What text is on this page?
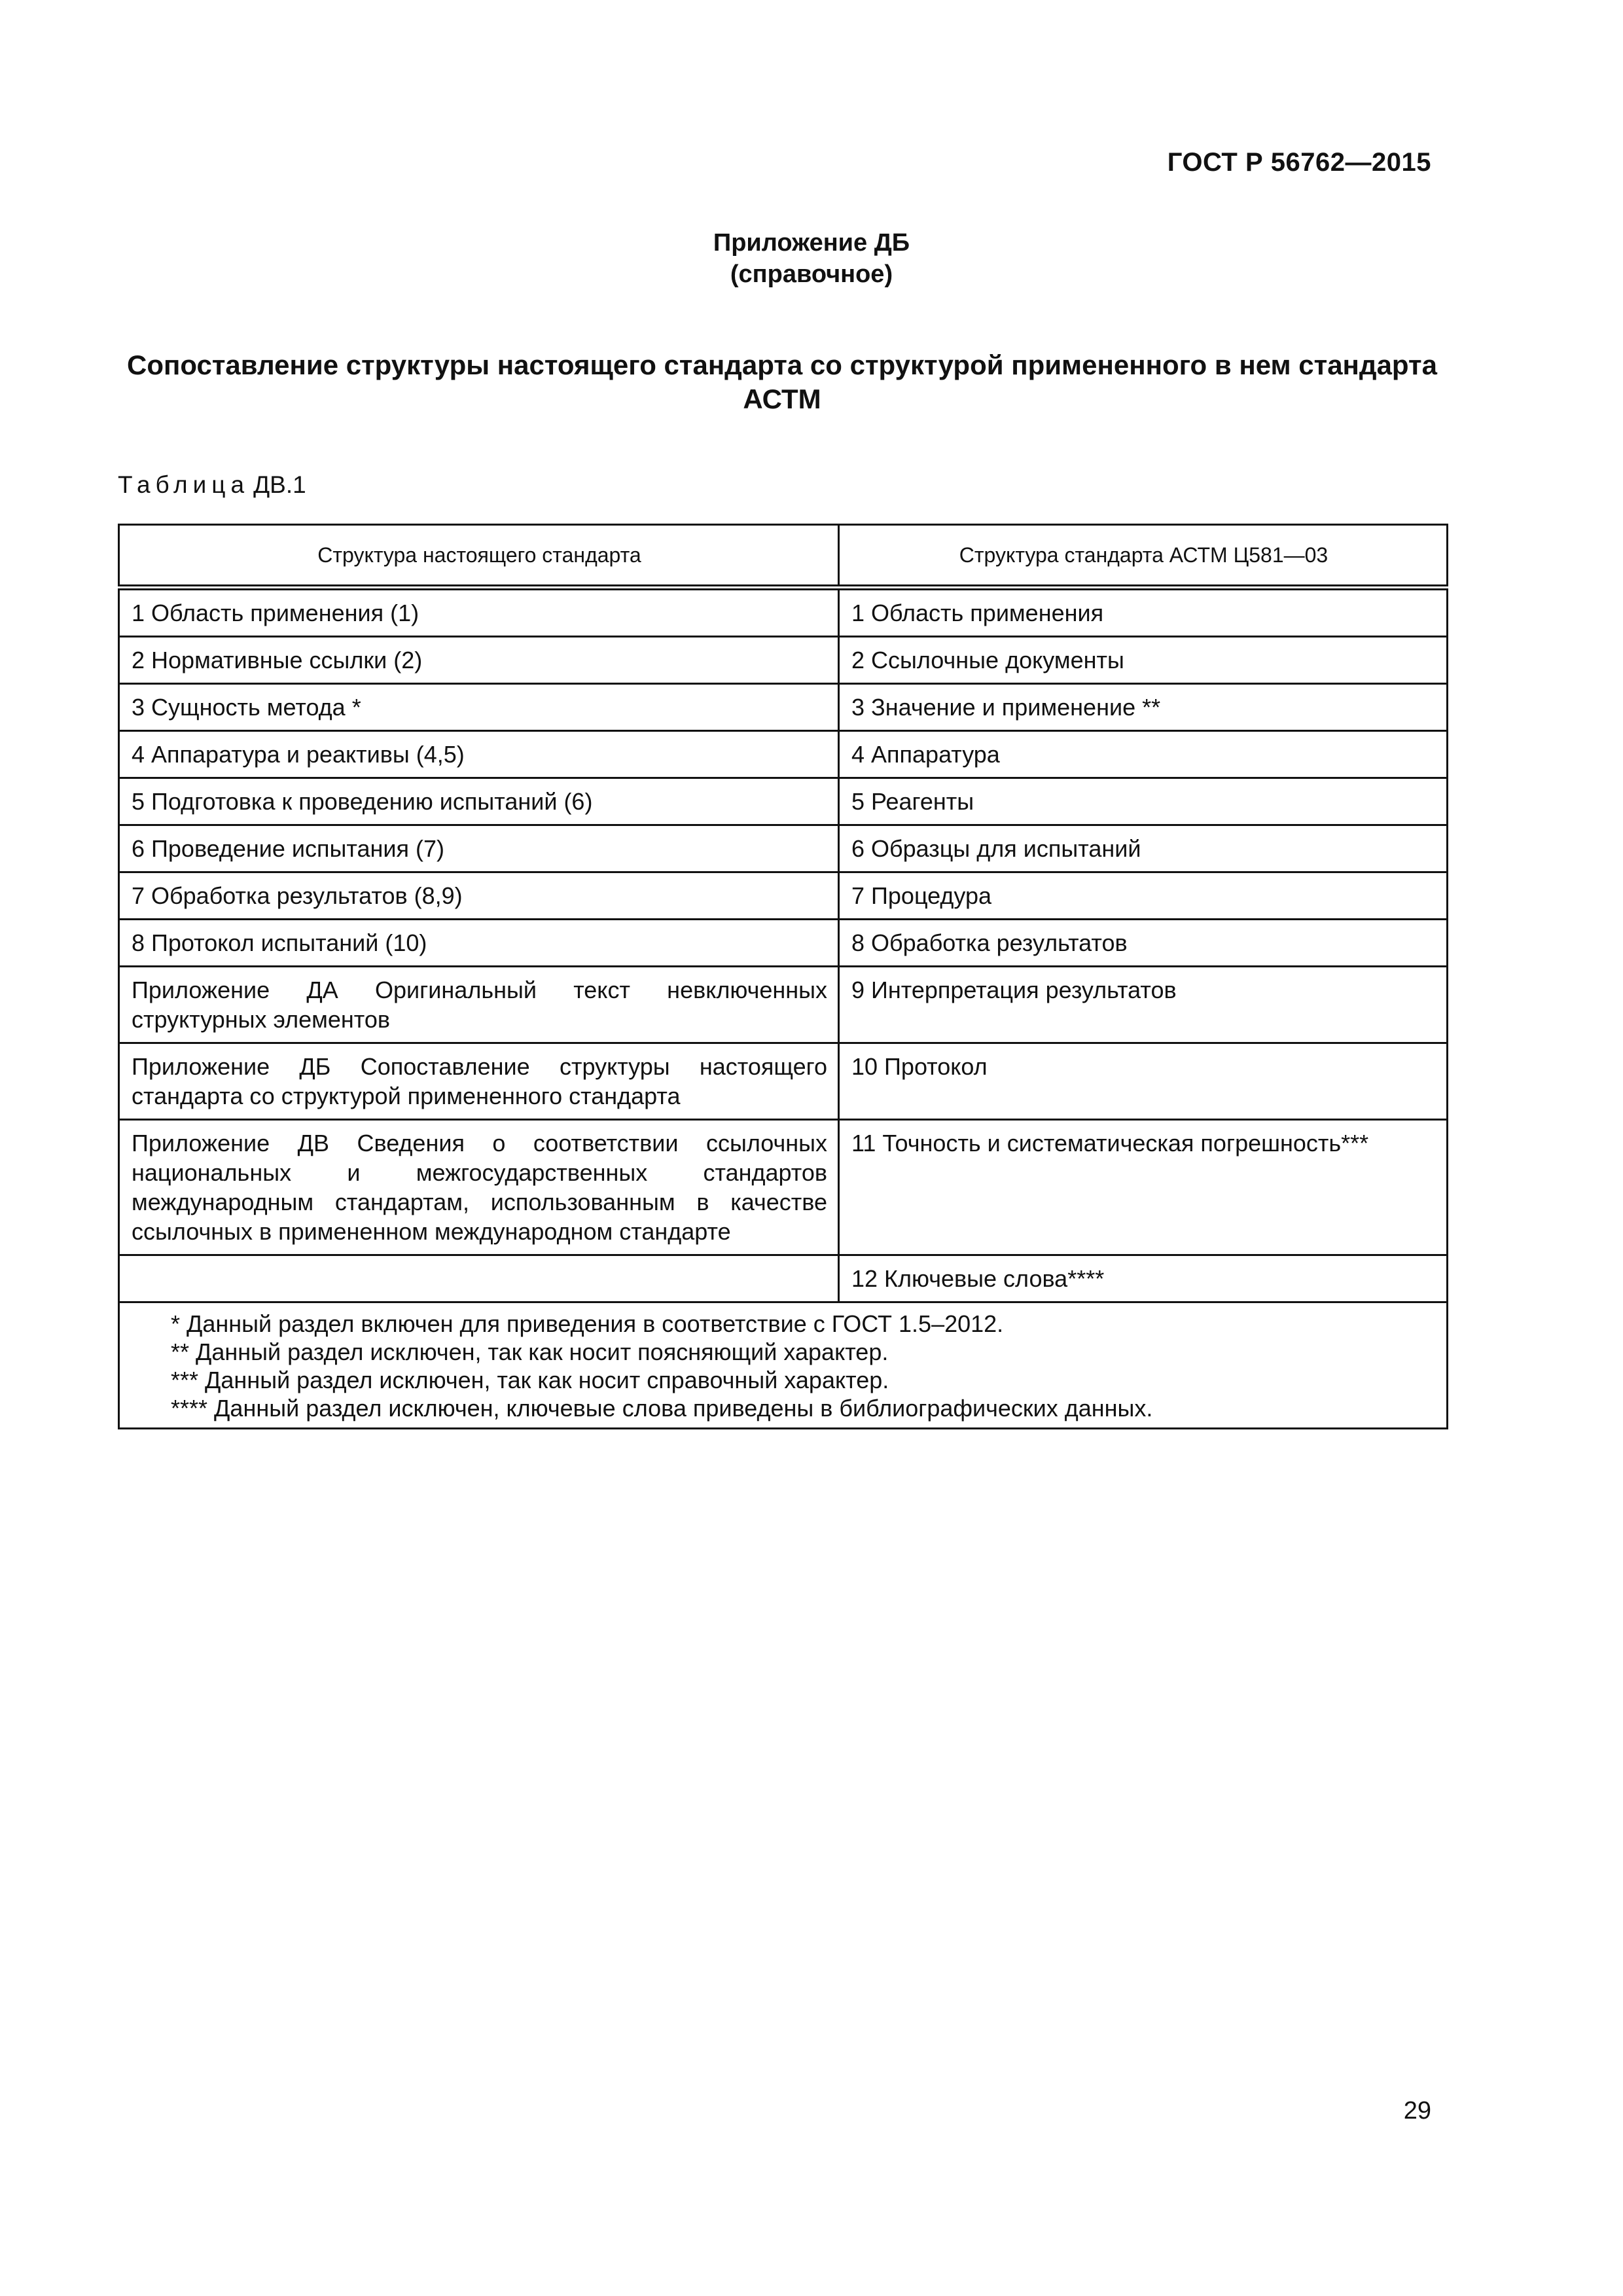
ГОСТ Р 56762—2015
Приложение ДБ
(справочное)
Сопоставление структуры настоящего стандарта со структурой примененного в нем стандарта АСТМ
Таблица ДВ.1
Структура настоящего стандарта	Структура стандарта АСТМ Ц581—03
1 Область применения (1)	1 Область применения
2 Нормативные ссылки (2)	2 Ссылочные документы
3 Сущность метода *	3 Значение и применение **
4 Аппаратура и реактивы (4,5)	4 Аппаратура
5 Подготовка к проведению испытаний (6)	5 Реагенты
6 Проведение испытания (7)	6 Образцы для испытаний
7 Обработка результатов (8,9)	7 Процедура
8 Протокол испытаний (10)	8 Обработка результатов
Приложение ДА Оригинальный текст невключенных структурных элементов	9 Интерпретация результатов
Приложение ДБ Сопоставление структуры настоящего стандарта со структурой примененного стандарта	10 Протокол
Приложение ДВ Сведения о соответствии ссылочных национальных и межгосударственных стандартов международным стандартам, использованным в качестве ссылочных в примененном международном стандарте	11 Точность и систематическая погрешность***
	12 Ключевые слова****

* Данный раздел включен для приведения в соответствие с ГОСТ 1.5–2012.
** Данный раздел исключен, так как носит поясняющий характер.
*** Данный раздел исключен, так как носит справочный характер.
**** Данный раздел исключен, ключевые слова приведены в библиографических данных.	
29
